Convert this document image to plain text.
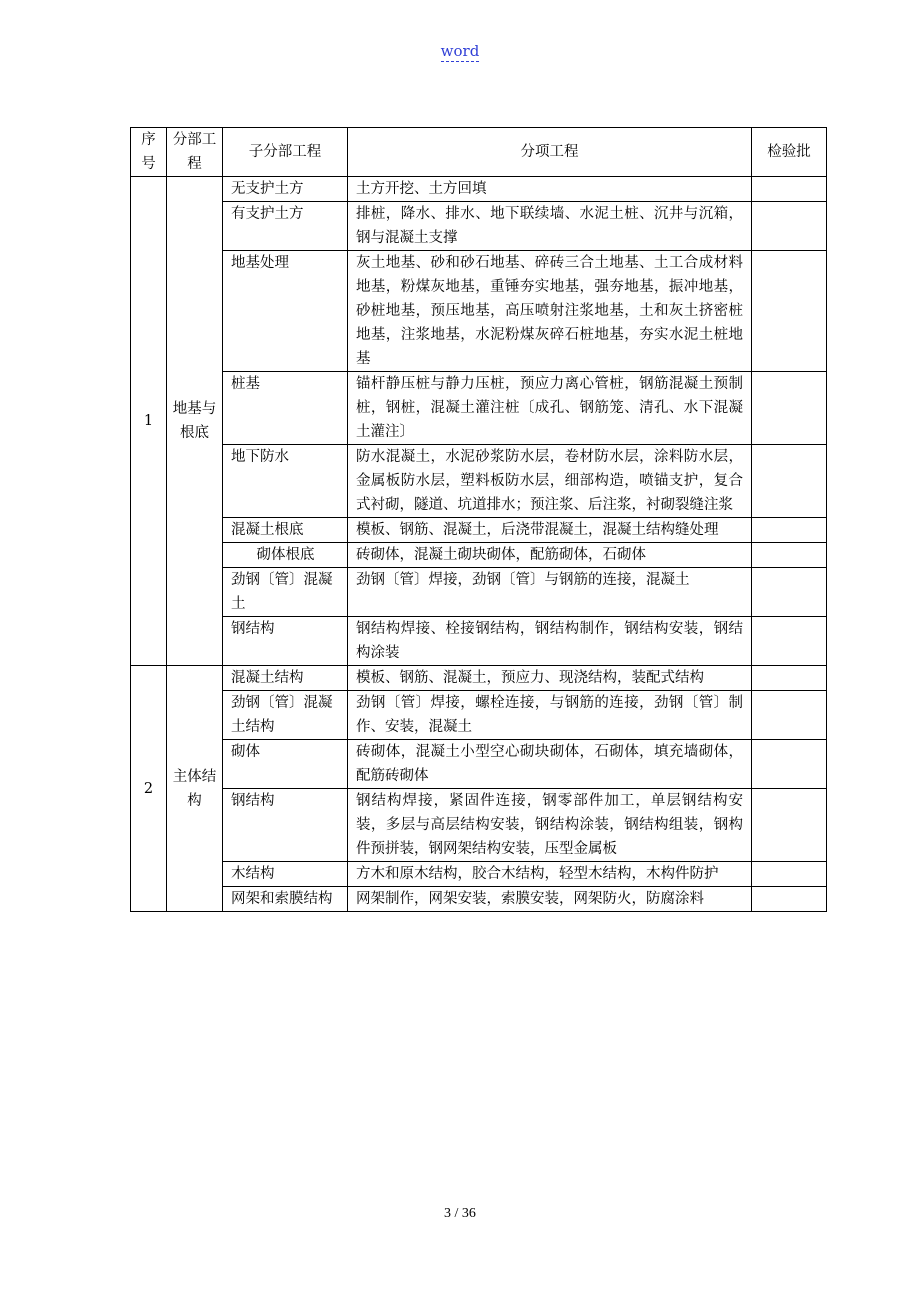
word
序号	分部工程	子分部工程	分项工程	检验批
1	地基与根底	无支护土方	土方开挖、土方回填	
		有支护土方	排桩，降水、排水、地下联续墙、水泥土桩、沉井与沉箱，钢与混凝土支撑	
		地基处理	灰土地基、砂和砂石地基、碎砖三合土地基、土工合成材料地基，粉煤灰地基，重锤夯实地基，强夯地基，振冲地基，砂桩地基，预压地基，高压喷射注浆地基，土和灰土挤密桩地基，注浆地基，水泥粉煤灰碎石桩地基，夯实水泥土桩地基	
		桩基	锚杆静压桩与静力压桩，预应力离心管桩，钢筋混凝土预制桩，钢桩，混凝土灌注桩〔成孔、钢筋笼、清孔、水下混凝土灌注〕	
		地下防水	防水混凝土，水泥砂浆防水层，卷材防水层，涂料防水层，金属板防水层，塑料板防水层，细部构造，喷锚支护，复合式衬砌，隧道、坑道排水；预注浆、后注浆，衬砌裂缝注浆	
		混凝土根底	模板、钢筋、混凝土，后浇带混凝土，混凝土结构缝处理	
		砌体根底	砖砌体，混凝土砌块砌体，配筋砌体，石砌体	
		劲钢〔管〕混凝土	劲钢〔管〕焊接，劲钢〔管〕与钢筋的连接，混凝土	
		钢结构	钢结构焊接、栓接钢结构，钢结构制作，钢结构安装，钢结构涂装	
2	主体结构	混凝土结构	模板、钢筋、混凝土，预应力、现浇结构，装配式结构	
		劲钢〔管〕混凝土结构	劲钢〔管〕焊接，螺栓连接，与钢筋的连接，劲钢〔管〕制作、安装，混凝土	
		砌体	砖砌体，混凝土小型空心砌块砌体，石砌体，填充墙砌体，配筋砖砌体	
		钢结构	钢结构焊接，紧固件连接，钢零部件加工，单层钢结构安装，多层与高层结构安装，钢结构涂装，钢结构组装，钢构件预拼装，钢网架结构安装，压型金属板	
		木结构	方木和原木结构，胶合木结构，轻型木结构，木构件防护	
		网架和索膜结构	网架制作，网架安装，索膜安装，网架防火，防腐涂料	
3 / 36
